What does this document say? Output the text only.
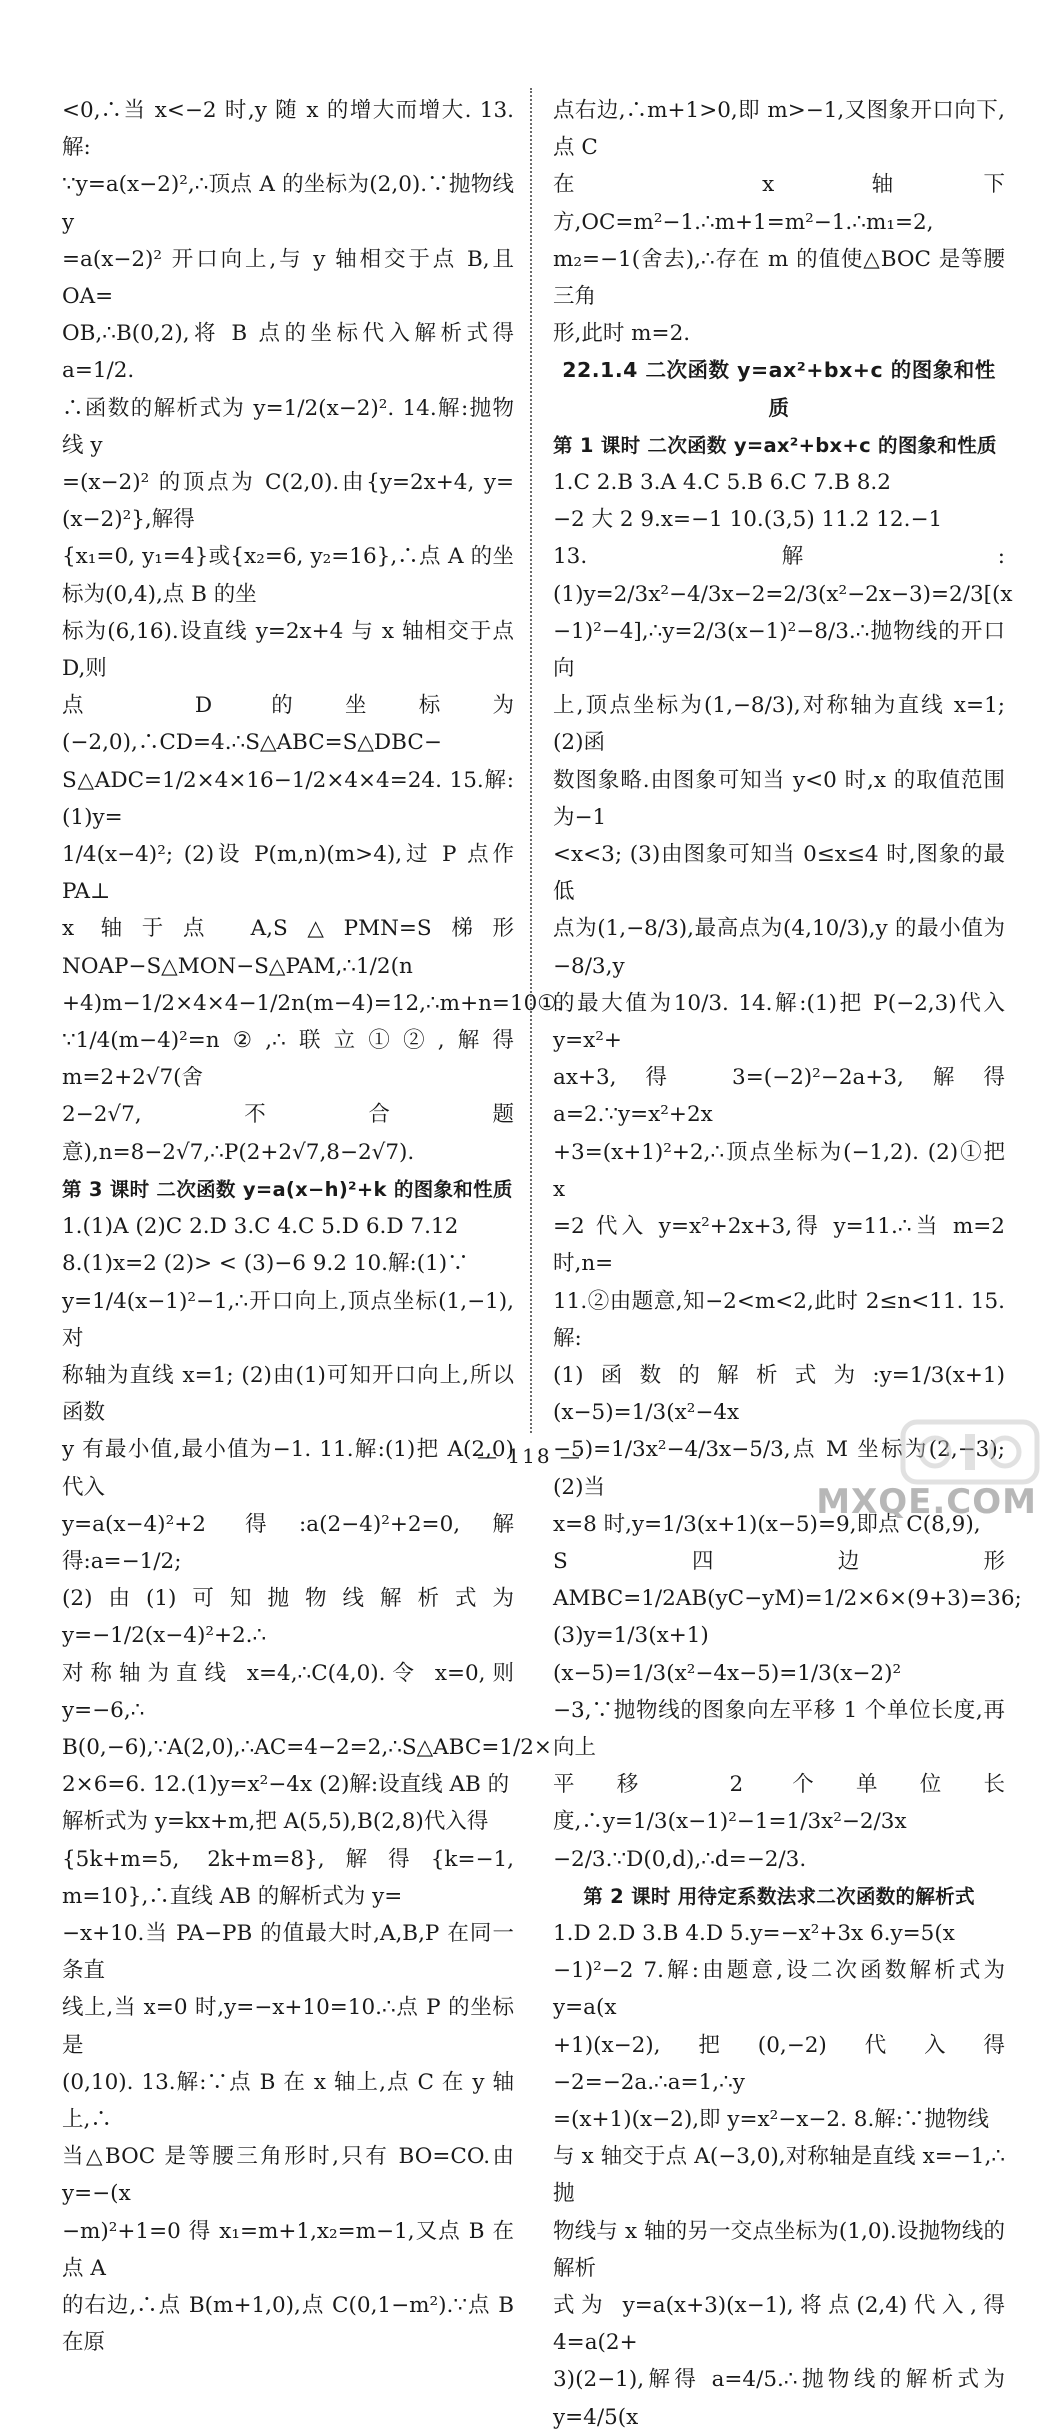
<0,∴当 x<−2 时,y 随 x 的增大而增大. 13.解:

∵y=a(x−2)²,∴顶点 A 的坐标为(2,0).∵抛物线 y

=a(x−2)² 开口向上,与 y 轴相交于点 B,且 OA=

OB,∴B(0,2),将 B 点的坐标代入解析式得 a=1/2.

∴函数的解析式为 y=1/2(x−2)². 14.解:抛物线 y

=(x−2)² 的顶点为 C(2,0).由{y=2x+4, y=(x−2)²},解得

{x₁=0, y₁=4}或{x₂=6, y₂=16},∴点 A 的坐标为(0,4),点 B 的坐

标为(6,16).设直线 y=2x+4 与 x 轴相交于点 D,则

点 D 的坐标为(−2,0),∴CD=4.∴S△ABC=S△DBC−

S△ADC=1/2×4×16−1/2×4×4=24. 15.解:(1)y=

1/4(x−4)²; (2)设 P(m,n)(m>4),过 P 点作 PA⊥

x 轴于点 A,S△PMN=S梯形NOAP−S△MON−S△PAM,∴1/2(n

+4)m−1/2×4×4−1/2n(m−4)=12,∴m+n=10①.

∵1/4(m−4)²=n②,∴联立①②,解得 m=2+2√7(舍

2−2√7,不合题意),n=8−2√7,∴P(2+2√7,8−2√7).

第 3 课时 二次函数 y=a(x−h)²+k 的图象和性质

1.(1)A (2)C 2.D 3.C 4.C 5.D 6.D 7.12

8.(1)x=2 (2)> < (3)−6 9.2 10.解:(1)∵

y=1/4(x−1)²−1,∴开口向上,顶点坐标(1,−1),对

称轴为直线 x=1; (2)由(1)可知开口向上,所以函数

y 有最小值,最小值为−1. 11.解:(1)把 A(2,0)代入

y=a(x−4)²+2 得:a(2−4)²+2=0,解得:a=−1/2;

(2)由(1)可知抛物线解析式为 y=−1/2(x−4)²+2.∴

对称轴为直线 x=4,∴C(4,0).令 x=0,则 y=−6,∴

B(0,−6),∵A(2,0),∴AC=4−2=2,∴S△ABC=1/2×

2×6=6. 12.(1)y=x²−4x (2)解:设直线 AB 的

解析式为 y=kx+m,把 A(5,5),B(2,8)代入得

{5k+m=5, 2k+m=8},解得{k=−1, m=10},∴直线 AB 的解析式为 y=

−x+10.当 PA−PB 的值最大时,A,B,P 在同一条直

线上,当 x=0 时,y=−x+10=10.∴点 P 的坐标是

(0,10). 13.解:∵点 B 在 x 轴上,点 C 在 y 轴上,∴

当△BOC 是等腰三角形时,只有 BO=CO.由 y=−(x

−m)²+1=0 得 x₁=m+1,x₂=m−1,又点 B 在点 A

的右边,∴点 B(m+1,0),点 C(0,1−m²).∵点 B 在原

点右边,∴m+1>0,即 m>−1,又图象开口向下,点 C

在 x 轴下方,OC=m²−1.∴m+1=m²−1.∴m₁=2,

m₂=−1(舍去),∴存在 m 的值使△BOC 是等腰三角

形,此时 m=2.

22.1.4 二次函数 y=ax²+bx+c 的图象和性质

第 1 课时 二次函数 y=ax²+bx+c 的图象和性质

1.C 2.B 3.A 4.C 5.B 6.C 7.B 8.2

−2 大 2 9.x=−1 10.(3,5) 11.2 12.−1

13.解:(1)y=2/3x²−4/3x−2=2/3(x²−2x−3)=2/3[(x

−1)²−4],∴y=2/3(x−1)²−8/3.∴抛物线的开口向

上,顶点坐标为(1,−8/3),对称轴为直线 x=1; (2)函

数图象略.由图象可知当 y<0 时,x 的取值范围为−1

<x<3; (3)由图象可知当 0≤x≤4 时,图象的最低

点为(1,−8/3),最高点为(4,10/3),y 的最小值为−8/3,y

的最大值为10/3. 14.解:(1)把 P(−2,3)代入 y=x²+

ax+3,得 3=(−2)²−2a+3,解得 a=2.∵y=x²+2x

+3=(x+1)²+2,∴顶点坐标为(−1,2). (2)①把 x

=2 代入 y=x²+2x+3,得 y=11.∴当 m=2 时,n=

11.②由题意,知−2<m<2,此时 2≤n<11. 15.解:

(1)函数的解析式为:y=1/3(x+1)(x−5)=1/3(x²−4x

−5)=1/3x²−4/3x−5/3,点 M 坐标为(2,−3); (2)当

x=8 时,y=1/3(x+1)(x−5)=9,即点 C(8,9),

S四边形AMBC=1/2AB(yC−yM)=1/2×6×(9+3)=36;

(3)y=1/3(x+1)(x−5)=1/3(x²−4x−5)=1/3(x−2)²

−3,∵抛物线的图象向左平移 1 个单位长度,再向上

平移 2 个单位长度,∴y=1/3(x−1)²−1=1/3x²−2/3x

−2/3.∵D(0,d),∴d=−2/3.

第 2 课时 用待定系数法求二次函数的解析式

1.D 2.D 3.B 4.D 5.y=−x²+3x 6.y=5(x

−1)²−2 7.解:由题意,设二次函数解析式为 y=a(x

+1)(x−2),把(0,−2)代入得−2=−2a.∴a=1,∴y

=(x+1)(x−2),即 y=x²−x−2. 8.解:∵抛物线

与 x 轴交于点 A(−3,0),对称轴是直线 x=−1,∴抛

物线与 x 轴的另一交点坐标为(1,0).设抛物线的解析

式为 y=a(x+3)(x−1),将点(2,4)代入,得 4=a(2+

3)(2−1),解得 a=4/5.∴抛物线的解析式为 y=4/5(x

— 118 —
MXQE.COM
